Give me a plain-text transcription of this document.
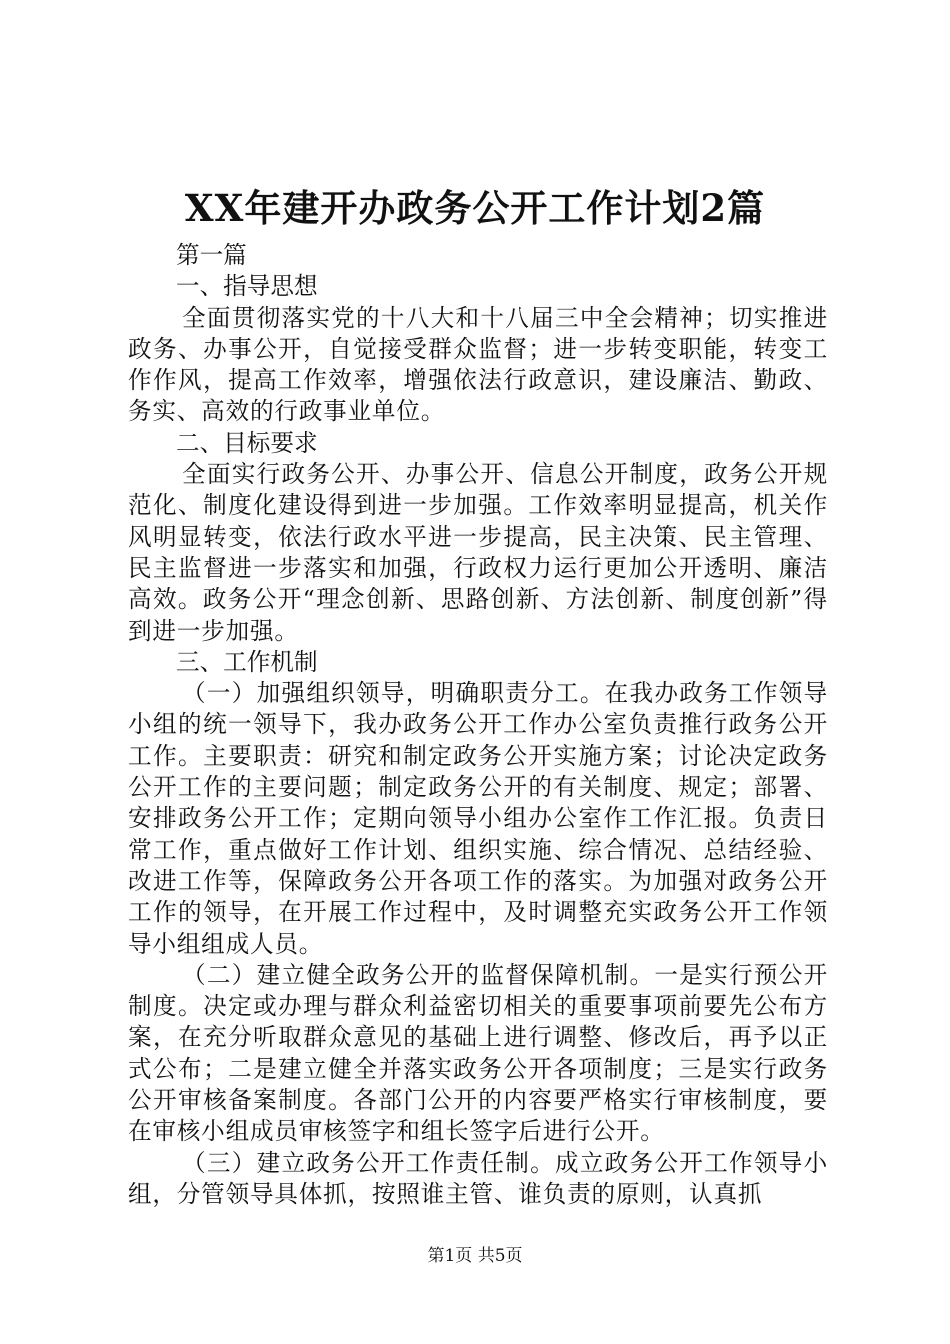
XX年建开办政务公开工作计划2篇
第一篇
一、指导思想
全面贯彻落实党的十八大和十八届三中全会精神；切实推进政务、办事公开，自觉接受群众监督；进一步转变职能，转变工作作风，提高工作效率，增强依法行政意识，建设廉洁、勤政、务实、高效的行政事业单位。
二、目标要求
全面实行政务公开、办事公开、信息公开制度，政务公开规范化、制度化建设得到进一步加强。工作效率明显提高，机关作风明显转变，依法行政水平进一步提高，民主决策、民主管理、民主监督进一步落实和加强，行政权力运行更加公开透明、廉洁高效。政务公开“理念创新、思路创新、方法创新、制度创新”得到进一步加强。
三、工作机制
（一）加强组织领导，明确职责分工。在我办政务工作领导小组的统一领导下，我办政务公开工作办公室负责推行政务公开工作。主要职责：研究和制定政务公开实施方案；讨论决定政务公开工作的主要问题；制定政务公开的有关制度、规定；部署、安排政务公开工作；定期向领导小组办公室作工作汇报。负责日常工作，重点做好工作计划、组织实施、综合情况、总结经验、改进工作等，保障政务公开各项工作的落实。为加强对政务公开工作的领导，在开展工作过程中，及时调整充实政务公开工作领导小组组成人员。
（二）建立健全政务公开的监督保障机制。一是实行预公开制度。决定或办理与群众利益密切相关的重要事项前要先公布方案，在充分听取群众意见的基础上进行调整、修改后，再予以正式公布；二是建立健全并落实政务公开各项制度；三是实行政务公开审核备案制度。各部门公开的内容要严格实行审核制度，要在审核小组成员审核签字和组长签字后进行公开。
（三）建立政务公开工作责任制。成立政务公开工作领导小组，分管领导具体抓，按照谁主管、谁负责的原则，认真抓
第1页 共5页
